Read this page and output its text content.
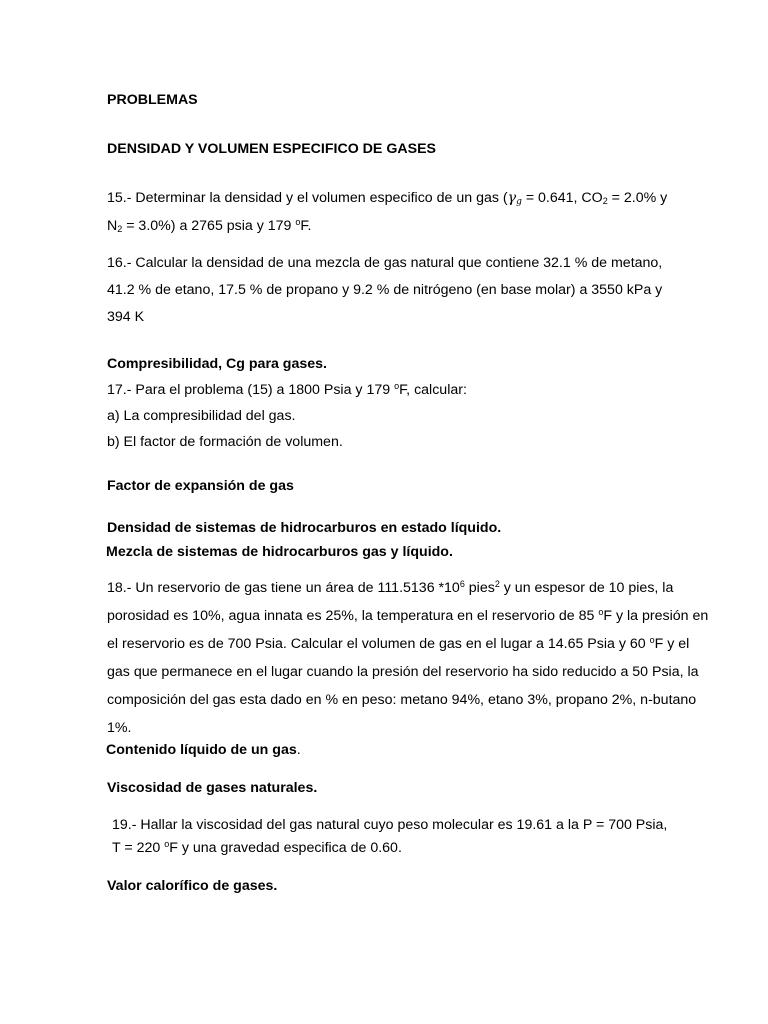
PROBLEMAS
DENSIDAD Y VOLUMEN ESPECIFICO DE GASES
15.- Determinar la densidad y el volumen especifico de un gas ($\gamma_g = 0.641$, $CO_2 = 2.0\%$ y
$N_2 = 3.0\%$) a 2765 psia y 179 $^o$F.
16.- Calcular la densidad de una mezcla de gas natural que contiene 32.1 % de metano,
41.2 % de etano, 17.5 % de propano y 9.2 % de nitrógeno (en base molar) a 3550 kPa y
394 K
Compresibilidad, Cg para gases.
17.- Para el problema (15) a 1800 Psia y 179 $^o$F, calcular:
a) La compresibilidad del gas.
b) El factor de formación de volumen.
Factor de expansión de gas
Densidad de sistemas de hidrocarburos en estado líquido.
Mezcla de sistemas de hidrocarburos gas y líquido.
18.- Un reservorio de gas tiene un área de 111.5136 $*10^6$ pies$^2$ y un espesor de 10 pies, la
porosidad es 10%, agua innata es 25%, la temperatura en el reservorio de 85 $^o$F y la presión en
el reservorio es de 700 Psia. Calcular el volumen de gas en el lugar a 14.65 Psia y 60 $^o$F y el
gas que permanece en el lugar cuando la presión del reservorio ha sido reducido a 50 Psia, la
composición del gas esta dado en % en peso: metano 94%, etano 3%, propano 2%, n-butano
1%.
Contenido líquido de un gas.
Viscosidad de gases naturales.
19.- Hallar la viscosidad del gas natural cuyo peso molecular es 19.61 a la P = 700 Psia,
T = 220 $^o$F y una gravedad especifica de 0.60.
Valor calorífico de gases.
